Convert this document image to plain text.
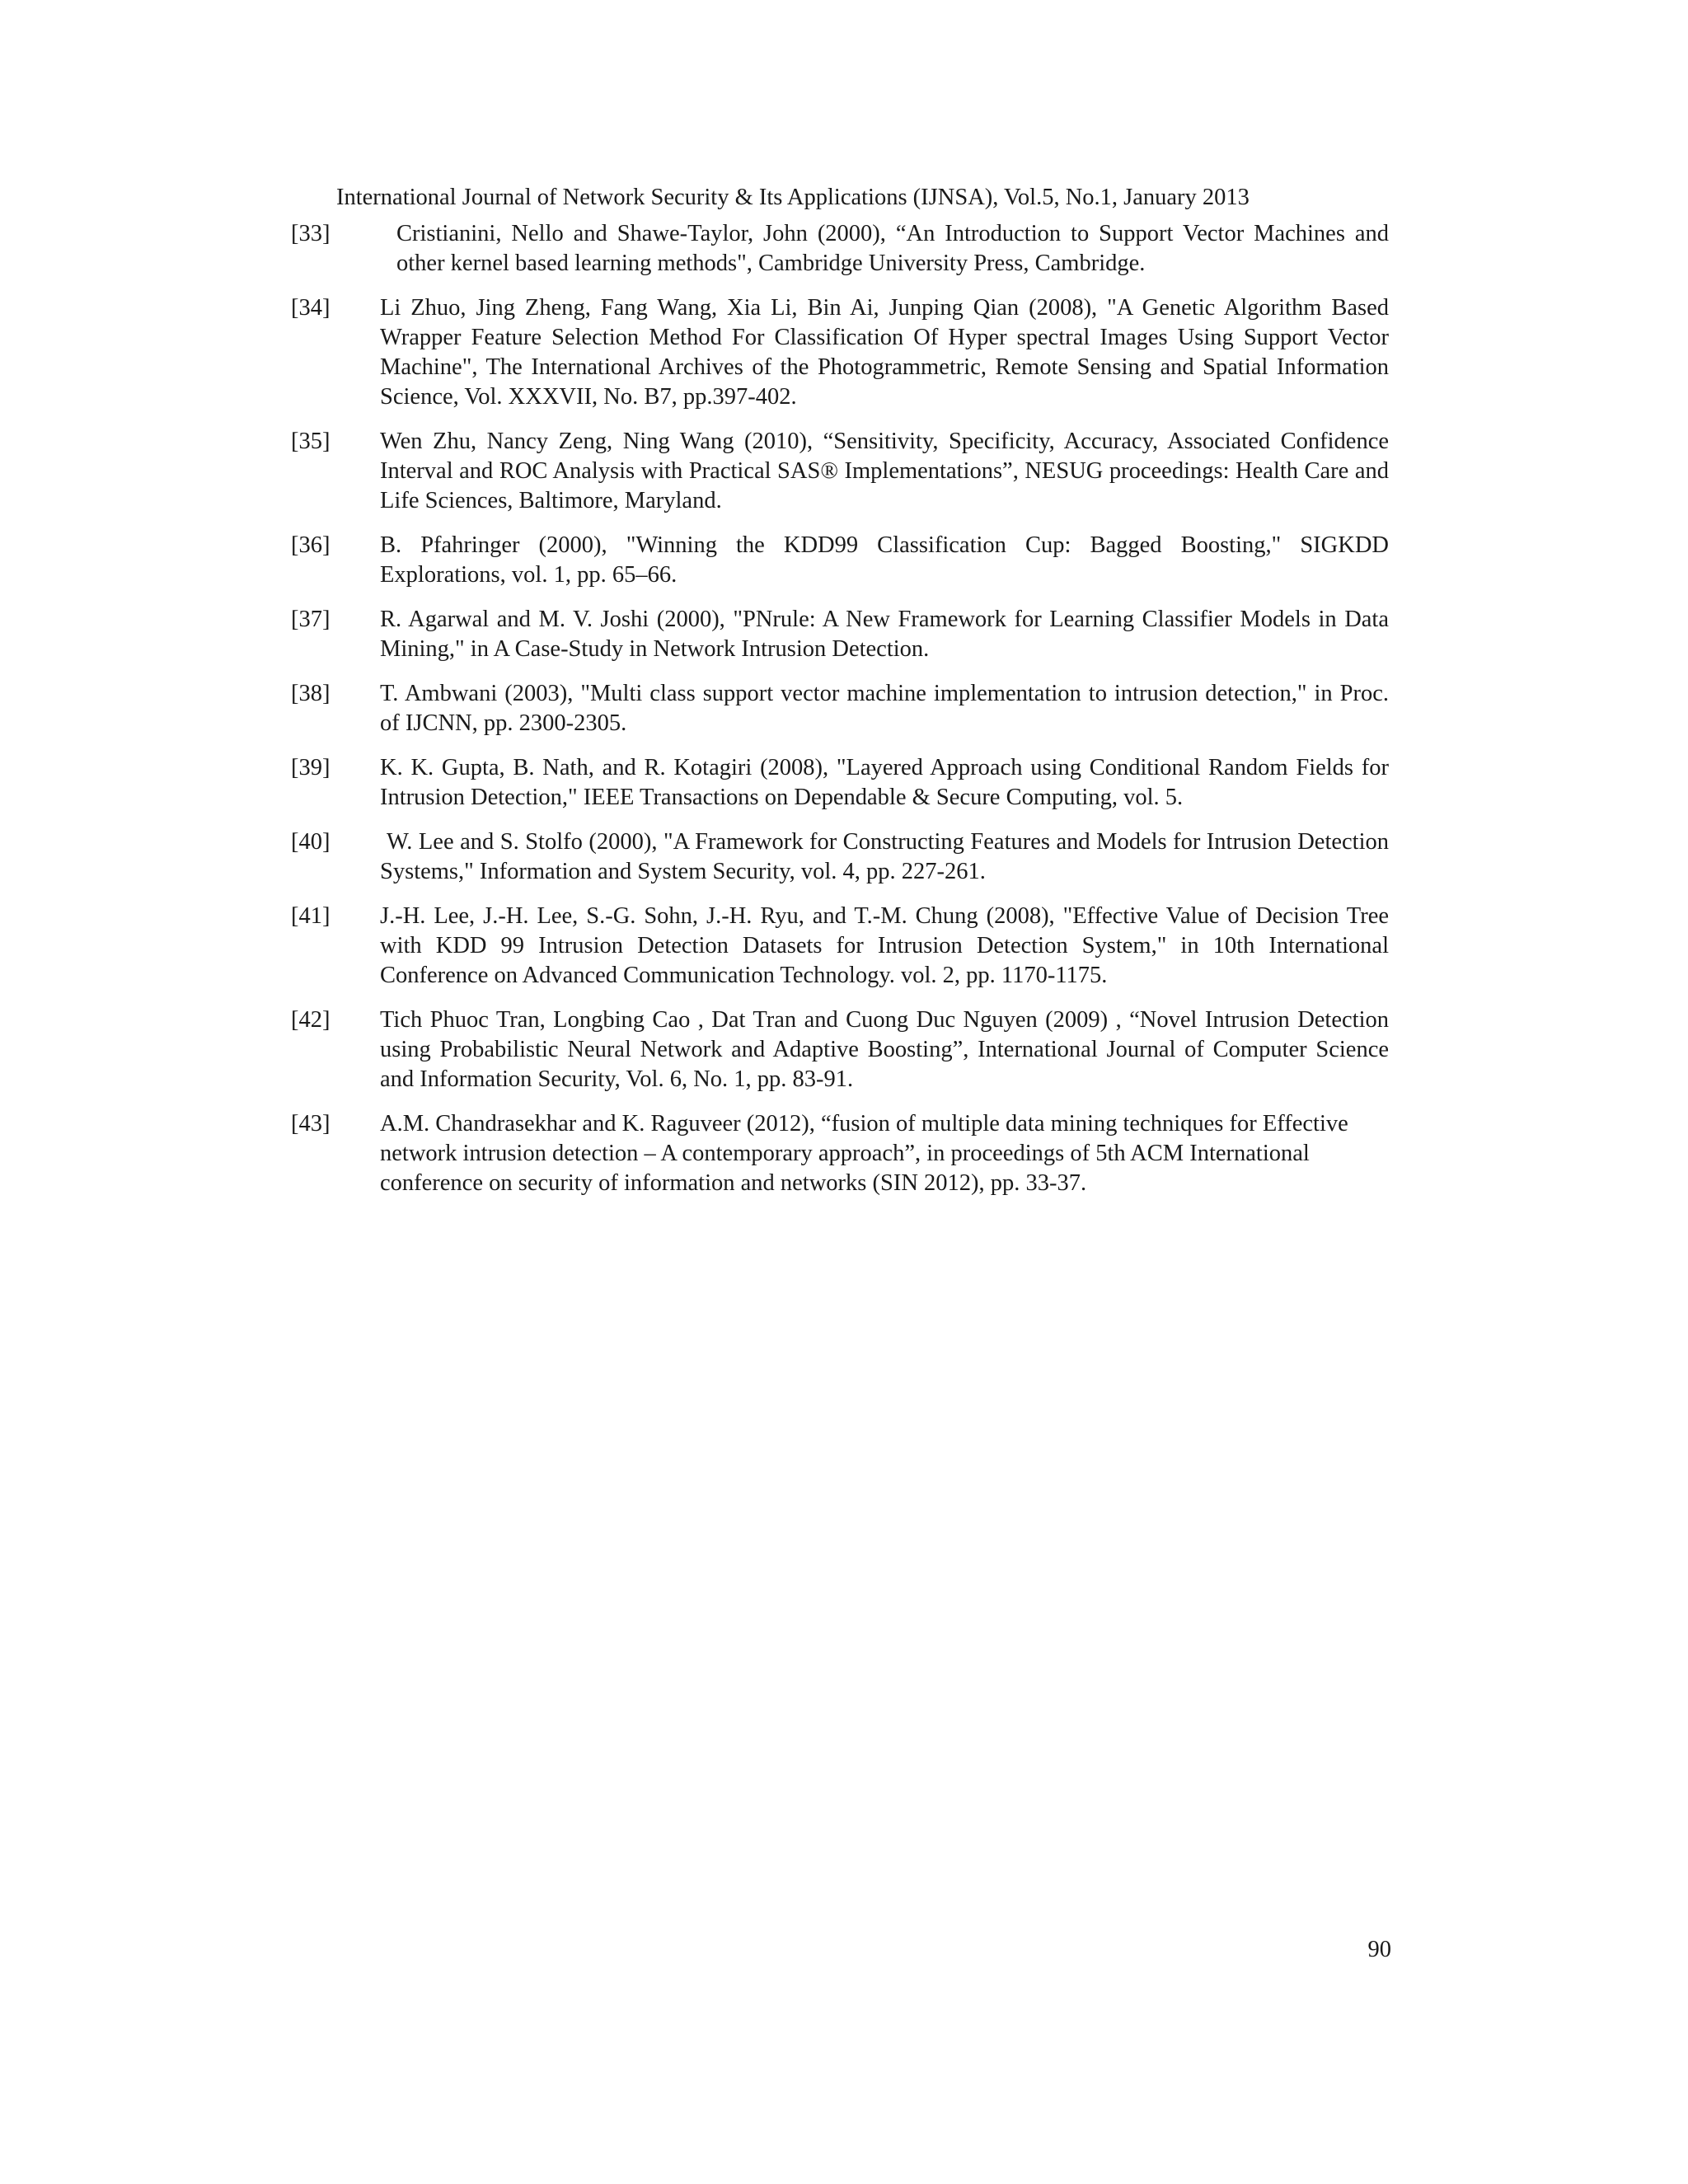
International Journal of Network Security & Its Applications (IJNSA), Vol.5, No.1, January 2013
[33]	Cristianini, Nello and Shawe-Taylor, John (2000), “An Introduction to Support Vector Machines and other kernel based learning methods", Cambridge University Press, Cambridge.
[34] Li Zhuo, Jing Zheng, Fang Wang, Xia Li, Bin Ai, Junping Qian (2008), "A Genetic Algorithm Based Wrapper Feature Selection Method For Classification Of Hyper spectral Images Using Support Vector Machine", The International Archives of the Photogrammetric, Remote Sensing and Spatial Information Science, Vol. XXXVII, No. B7, pp.397-402.
[35] Wen Zhu, Nancy Zeng, Ning Wang (2010), “Sensitivity, Specificity, Accuracy, Associated Confidence Interval and ROC Analysis with Practical SAS® Implementations”, NESUG proceedings: Health Care and Life Sciences, Baltimore, Maryland.
[36] B. Pfahringer (2000), "Winning the KDD99 Classification Cup: Bagged Boosting," SIGKDD Explorations, vol. 1, pp. 65–66.
[37] R. Agarwal and M. V. Joshi (2000), "PNrule: A New Framework for Learning Classifier Models in Data Mining," in A Case-Study in Network Intrusion Detection.
[38] T. Ambwani (2003), "Multi class support vector machine implementation to intrusion detection," in Proc. of IJCNN, pp. 2300-2305.
[39] K. K. Gupta, B. Nath, and R. Kotagiri (2008), "Layered Approach using Conditional Random Fields for Intrusion Detection," IEEE Transactions on Dependable & Secure Computing, vol. 5.
[40] W. Lee and S. Stolfo (2000), "A Framework for Constructing Features and Models for Intrusion Detection Systems," Information and System Security, vol. 4, pp. 227-261.
[41] J.-H. Lee, J.-H. Lee, S.-G. Sohn, J.-H. Ryu, and T.-M. Chung (2008), "Effective Value of Decision Tree with KDD 99 Intrusion Detection Datasets for Intrusion Detection System," in 10th International Conference on Advanced Communication Technology. vol. 2, pp. 1170-1175.
[42] Tich Phuoc Tran, Longbing Cao , Dat Tran and Cuong Duc Nguyen (2009) , “Novel Intrusion Detection using Probabilistic Neural Network and Adaptive Boosting”, International Journal of Computer Science and Information Security, Vol. 6, No. 1, pp. 83-91.
[43] A.M. Chandrasekhar and K. Raguveer (2012), “fusion of multiple data mining techniques for Effective network intrusion detection – A contemporary approach”, in proceedings of 5th ACM International conference on security of information and networks (SIN 2012), pp. 33-37.
90
